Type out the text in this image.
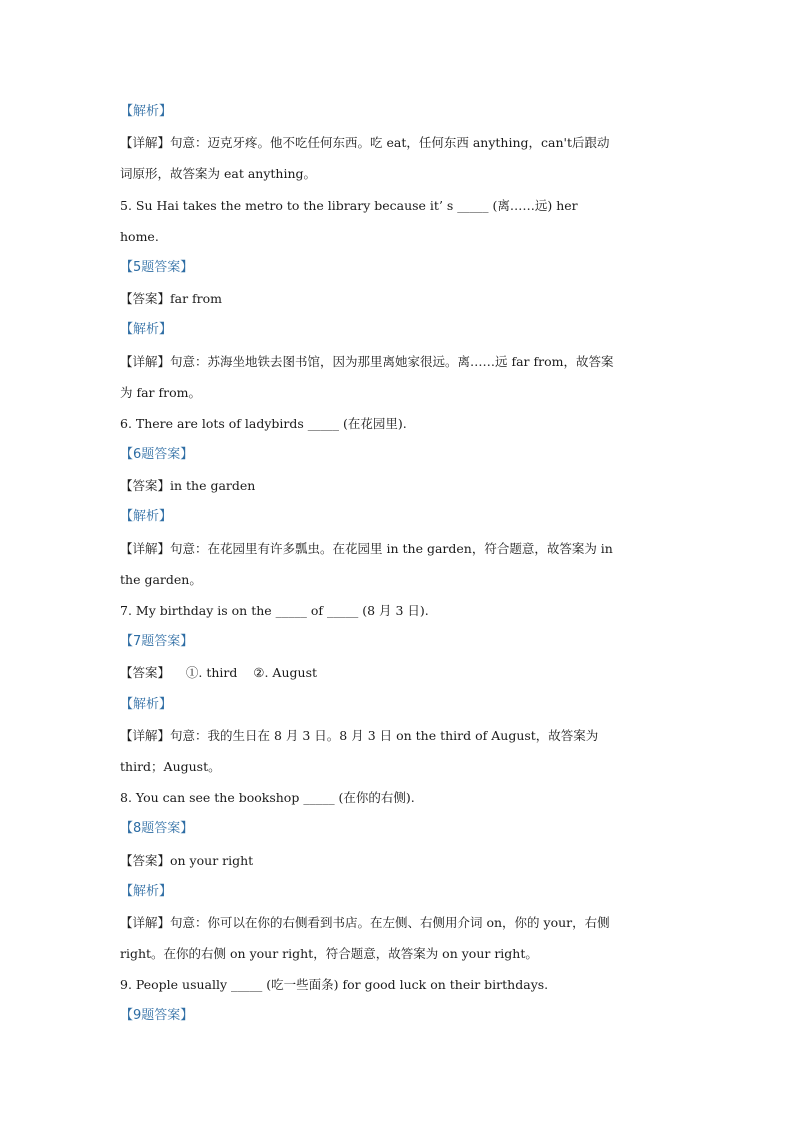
【解析】
【详解】句意：迈克牙疼。他不吃任何东西。吃 eat，任何东西 anything，can't后跟动
词原形，故答案为 eat anything。
5. Su Hai takes the metro to the library because it’ s _____ (离……远) her
home.
【5题答案】
【答案】far from
【解析】
【详解】句意：苏海坐地铁去图书馆，因为那里离她家很远。离……远 far from，故答案
为 far from。
6. There are lots of ladybirds _____ (在花园里).
【6题答案】
【答案】in the garden
【解析】
【详解】句意：在花园里有许多瓢虫。在花园里 in the garden，符合题意，故答案为 in
the garden。
7. My birthday is on the _____ of _____ (8 月 3 日).
【7题答案】
【答案】    ①. third    ②. August
【解析】
【详解】句意：我的生日在 8 月 3 日。8 月 3 日 on the third of August，故答案为
third；August。
8. You can see the bookshop _____ (在你的右侧).
【8题答案】
【答案】on your right
【解析】
【详解】句意：你可以在你的右侧看到书店。在左侧、右侧用介词 on，你的 your，右侧
right。在你的右侧 on your right，符合题意，故答案为 on your right。
9. People usually _____ (吃一些面条) for good luck on their birthdays.
【9题答案】
